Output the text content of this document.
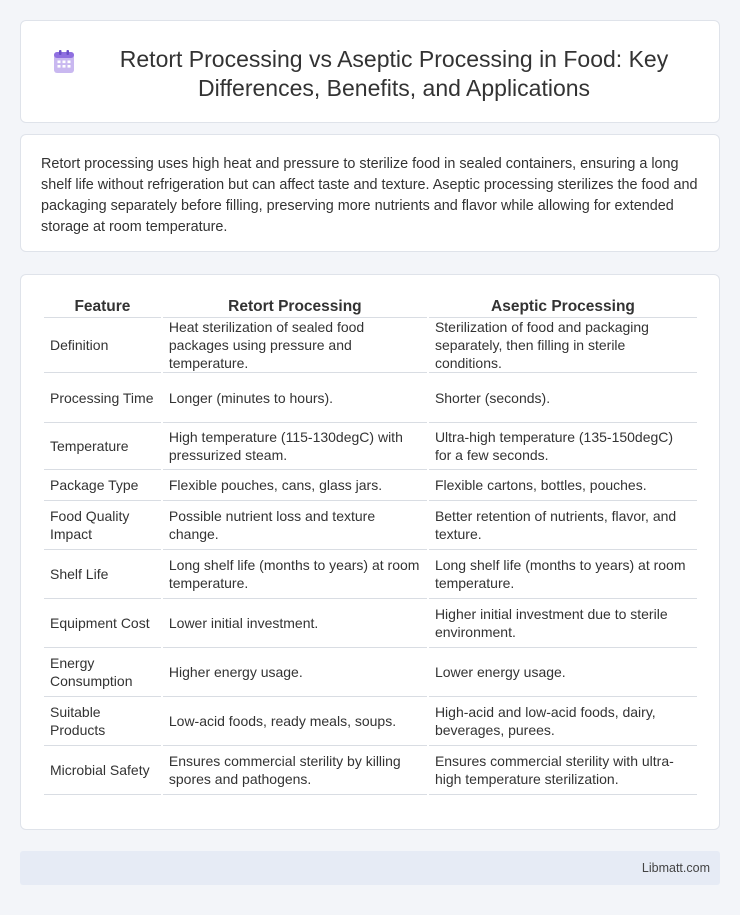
Retort Processing vs Aseptic Processing in Food: Key Differences, Benefits, and Applications

Retort processing uses high heat and pressure to sterilize food in sealed containers, ensuring a long shelf life without refrigeration but can affect taste and texture. Aseptic processing sterilizes the food and packaging separately before filling, preserving more nutrients and flavor while allowing for extended storage at room temperature.

Feature	Retort Processing	Aseptic Processing
Definition	Heat sterilization of sealed food packages using pressure and temperature.	Sterilization of food and packaging separately, then filling in sterile conditions.
Processing Time	Longer (minutes to hours).	Shorter (seconds).
Temperature	High temperature (115-130degC) with pressurized steam.	Ultra-high temperature (135-150degC) for a few seconds.
Package Type	Flexible pouches, cans, glass jars.	Flexible cartons, bottles, pouches.
Food Quality Impact	Possible nutrient loss and texture change.	Better retention of nutrients, flavor, and texture.
Shelf Life	Long shelf life (months to years) at room temperature.	Long shelf life (months to years) at room temperature.
Equipment Cost	Lower initial investment.	Higher initial investment due to sterile environment.
Energy Consumption	Higher energy usage.	Lower energy usage.
Suitable Products	Low-acid foods, ready meals, soups.	High-acid and low-acid foods, dairy, beverages, purees.
Microbial Safety	Ensures commercial sterility by killing spores and pathogens.	Ensures commercial sterility with ultra-high temperature sterilization.
Libmatt.com
